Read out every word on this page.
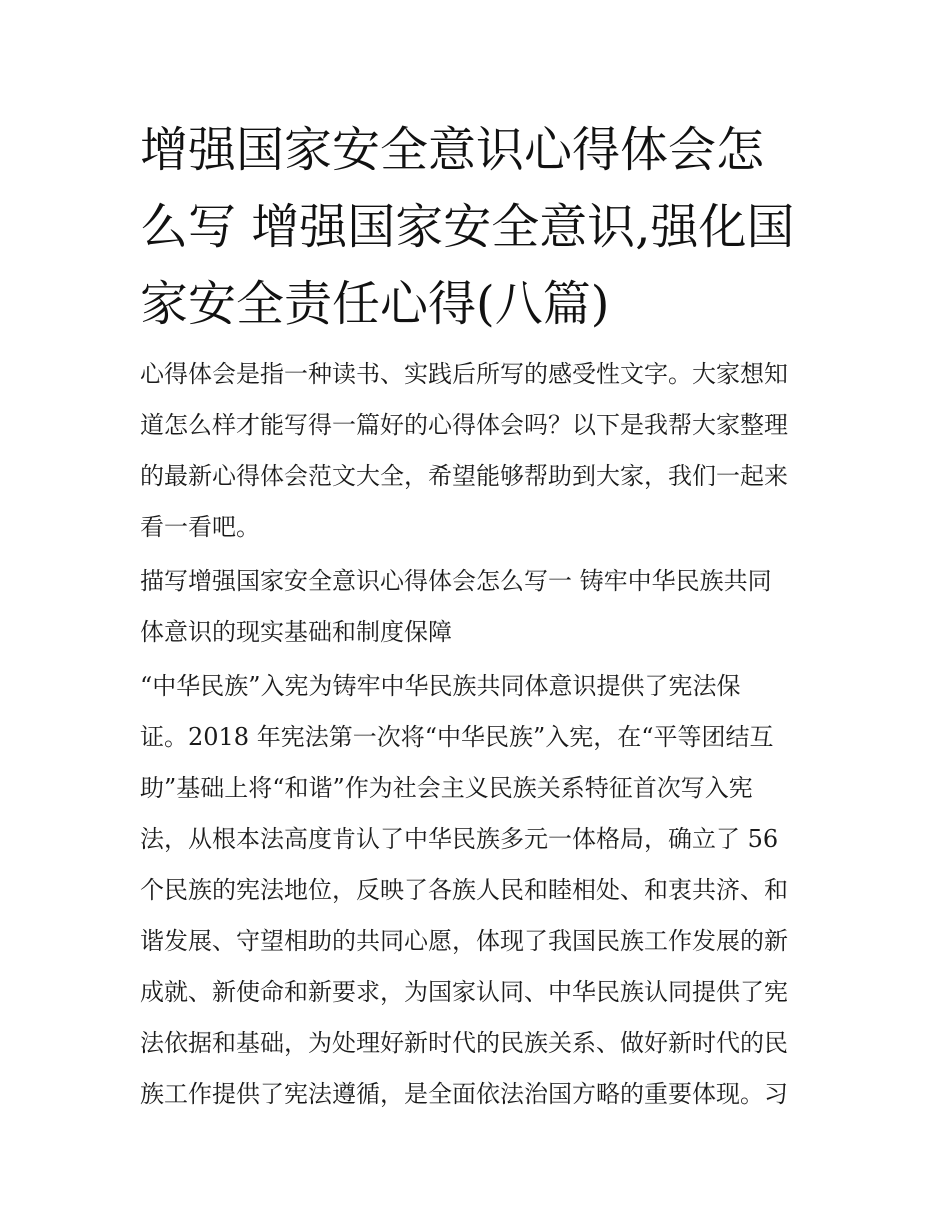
增强国家安全意识心得体会怎
么写 增强国家安全意识,强化国
家安全责任心得(八篇)
心得体会是指一种读书、实践后所写的感受性文字。大家想知
道怎么样才能写得一篇好的心得体会吗？以下是我帮大家整理
的最新心得体会范文大全，希望能够帮助到大家，我们一起来
看一看吧。
描写增强国家安全意识心得体会怎么写一 铸牢中华民族共同
体意识的现实基础和制度保障
“中华民族”入宪为铸牢中华民族共同体意识提供了宪法保
证。2018 年宪法第一次将“中华民族”入宪，在“平等团结互
助”基础上将“和谐”作为社会主义民族关系特征首次写入宪
法，从根本法高度肯认了中华民族多元一体格局，确立了 56
个民族的宪法地位，反映了各族人民和睦相处、和衷共济、和
谐发展、守望相助的共同心愿，体现了我国民族工作发展的新
成就、新使命和新要求，为国家认同、中华民族认同提供了宪
法依据和基础，为处理好新时代的民族关系、做好新时代的民
族工作提供了宪法遵循，是全面依法治国方略的重要体现。习
